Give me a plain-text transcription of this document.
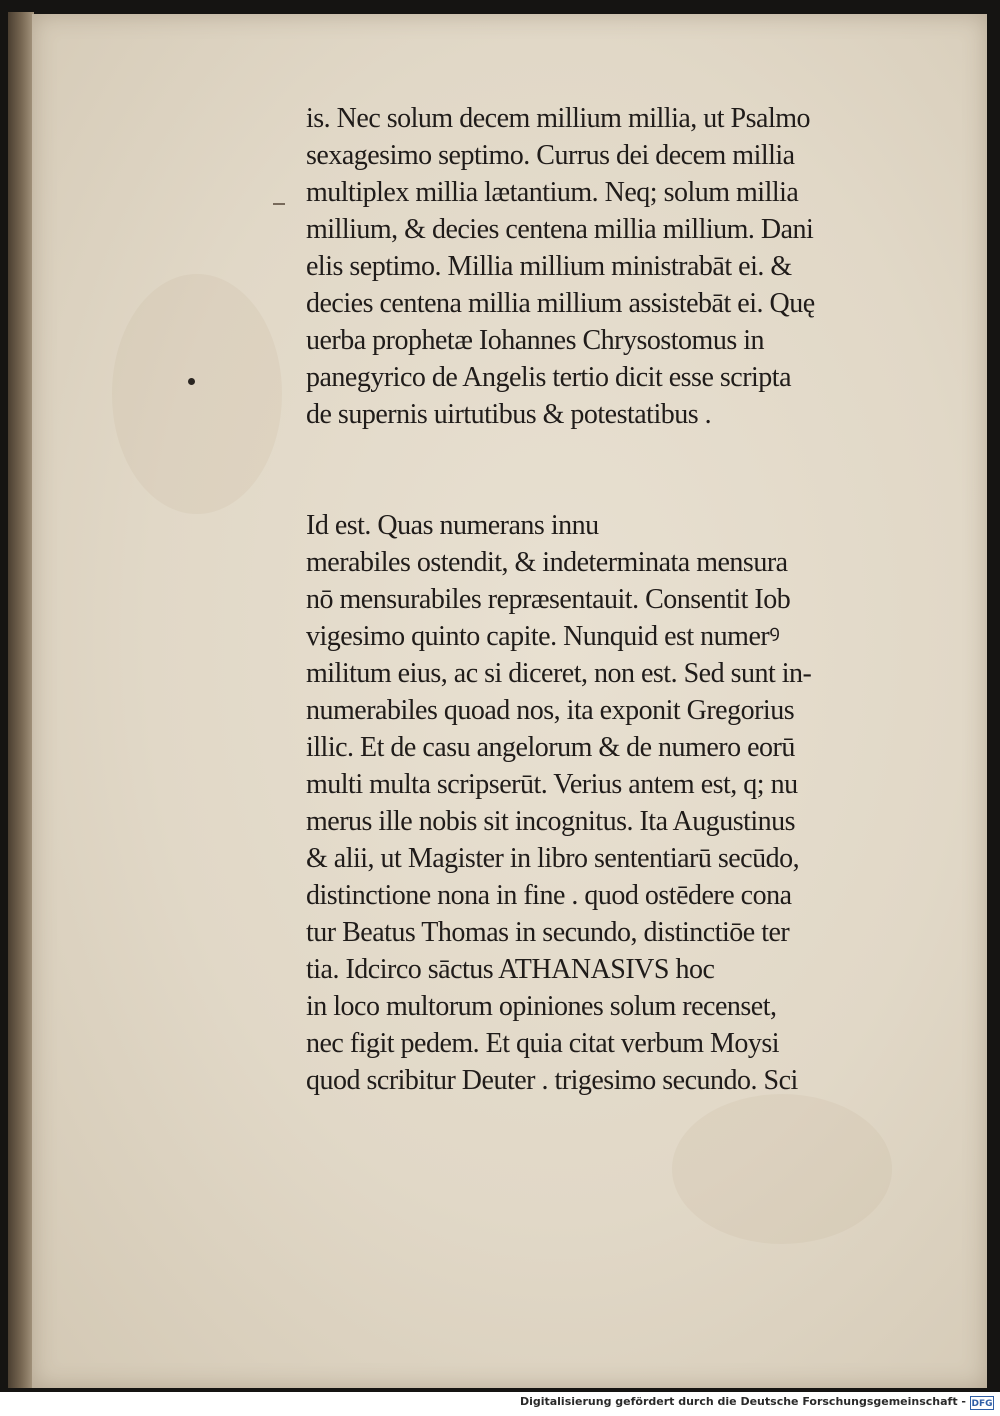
is. Nec solum decem millium millia, ut Psalmo
sexagesimo septimo. Currus dei decem millia
multiplex millia lætantium. Neq; solum millia
millium, & decies centena millia millium. Dani
elis septimo. Millia millium ministrabāt ei. &
decies centena millia millium assistebāt ei. Quę
uerba prophetæ Iohannes Chrysostomus in
panegyrico de Angelis tertio dicit esse scripta
de supernis uirtutibus & potestatibus .
Id est. Quas numerans innu
merabiles ostendit, & indeterminata mensura
nō mensurabiles repræsentauit. Consentit Iob
vigesimo quinto capite. Nunquid est numerꝰ
militum eius, ac si diceret, non est. Sed sunt in-
numerabiles quoad nos, ita exponit Gregorius
illic. Et de casu angelorum & de numero eorū
multi multa scripserūt. Verius antem est, q; nu
merus ille nobis sit incognitus. Ita Augustinus
& alii, ut Magister in libro sententiarū secūdo,
distinctione nona in fine . quod ostēdere cona
tur Beatus Thomas in secundo, distinctiōe ter
tia. Idcirco sāctus ATHANASIVS hoc
in loco multorum opiniones solum recenset,
nec figit pedem. Et quia citat verbum Moysi
quod scribitur Deuter . trigesimo secundo. Sci
Digitalisierung gefördert durch die Deutsche Forschungsgemeinschaft - DFG
